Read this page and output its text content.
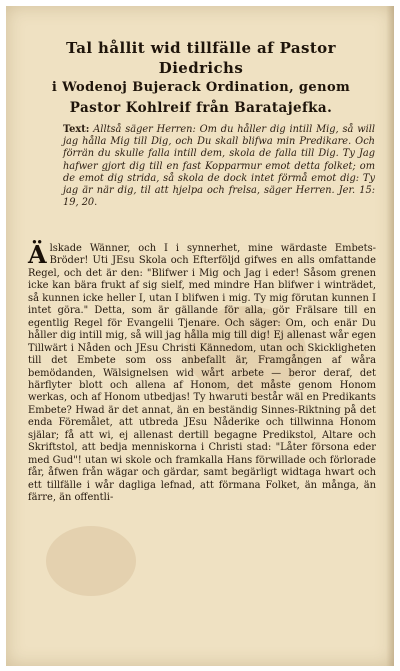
Tal hållit wid tillfälle af Pastor Diedrichs
i Wodenoj Bujerack Ordination, genom
Pastor Kohlreif från Baratajefka.

Text: Alltså säger Herren: Om du håller dig intill Mig, så will jag hålla Mig till Dig, och Du skall blifwa min Predikare. Och förrän du skulle falla intill dem, skola de falla till Dig. Ty Jag hafwer gjort dig till en fast Kopparmur emot detta folket; om de emot dig strida, så skola de dock intet förmå emot dig: Ty jag är när dig, til att hjelpa och frelsa, säger Herren. Jer. 15: 19, 20.

Älskade Wänner, och I i synnerhet, mine wärdaste Embets-Bröder! Uti JEsu Skola och Efterföljd gifwes en alls omfattande Regel, och det är den: "Blifwer i Mig och Jag i eder! Såsom grenen icke kan bära frukt af sig sielf, med mindre Han blifwer i winträdet, så kunnen icke heller I, utan I blifwen i mig. Ty mig förutan kunnen I intet göra." Detta, som är gällande för alla, gör Frälsare till en egentlig Regel för Evangelii Tjenare. Och säger: Om, och enär Du håller dig intill mig, så will jag hålla mig till dig! Ej allenast wår egen Tillwärt i Nåden och JEsu Christi Kännedom, utan och Skickligheten till det Embete som oss anbefallt är, Framgången af wåra bemödanden, Wälsignelsen wid wårt arbete — beror deraf, det härflyter blott och allena af Honom, det måste genom Honom werkas, och af Honom utbedjas! Ty hwaruti består wäl en Predikants Embete? Hwad är det annat, än en beständig Sinnes-Riktning på det enda Föremålet, att utbreda JEsu Nåderike och tillwinna Honom själar; få att wi, ej allenast dertill begagne Predikstol, Altare och Skriftstol, att bedja menniskorna i Christi stad: "Låter försona eder med Gud"! utan wi skole och framkalla Hans förwillade och förlorade får, åfwen från wägar och gärdar, samt begärligt widtaga hwart och ett tillfälle i wår dagliga lefnad, att förmana Folket, än många, än färre, än offentli-
